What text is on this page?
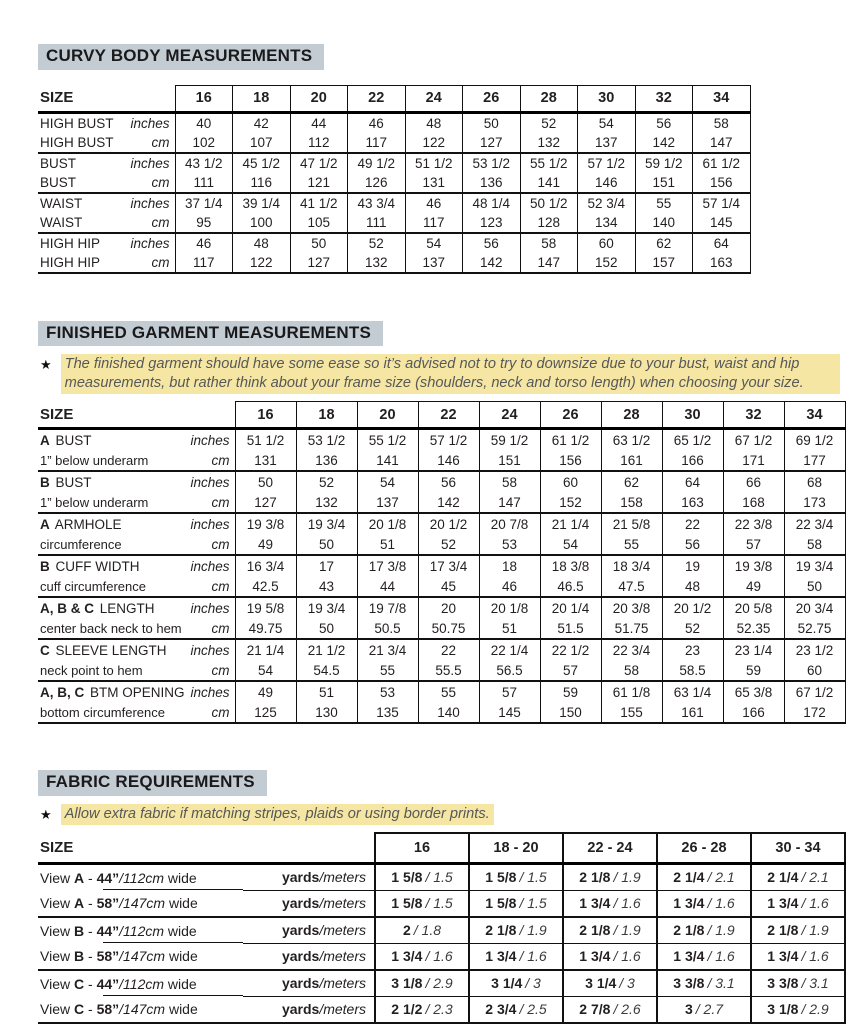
CURVY BODY MEASUREMENTS
SIZE	16	18	20	22	24	26	28	30	32	34

HIGH BUST inches	40	42	44	46	48	50	52	54	56	58

HIGH BUST cm	102	107	112	117	122	127	132	137	142	147

BUST inches	43 1/2	45 1/2	47 1/2	49 1/2	51 1/2	53 1/2	55 1/2	57 1/2	59 1/2	61 1/2

BUST cm	111	116	121	126	131	136	141	146	151	156

WAIST inches	37 1/4	39 1/4	41 1/2	43 3/4	46	48 1/4	50 1/2	52 3/4	55	57 1/4

WAIST cm	95	100	105	111	117	123	128	134	140	145

HIGH HIP inches	46	48	50	52	54	56	58	60	62	64

HIGH HIP cm	117	122	127	132	137	142	147	152	157	163
FINISHED GARMENT MEASUREMENTS
★ The finished garment should have some ease so it’s advised not to try to downsize due to your bust, waist and hip measurements, but rather think about your frame size (shoulders, neck and torso length) when choosing your size.
SIZE	16	18	20	22	24	26	28	30	32	34

A BUST inches	51 1/2	53 1/2	55 1/2	57 1/2	59 1/2	61 1/2	63 1/2	65 1/2	67 1/2	69 1/2

1” below underarm cm	131	136	141	146	151	156	161	166	171	177

B BUST inches	50	52	54	56	58	60	62	64	66	68

1” below underarm cm	127	132	137	142	147	152	158	163	168	173

A ARMHOLE inches	19 3/8	19 3/4	20 1/8	20 1/2	20 7/8	21 1/4	21 5/8	22	22 3/8	22 3/4

circumference cm	49	50	51	52	53	54	55	56	57	58

B CUFF WIDTH inches	16 3/4	17	17 3/8	17 3/4	18	18 3/8	18 3/4	19	19 3/8	19 3/4

cuff circumference cm	42.5	43	44	45	46	46.5	47.5	48	49	50

A, B & C LENGTH inches	19 5/8	19 3/4	19 7/8	20	20 1/8	20 1/4	20 3/8	20 1/2	20 5/8	20 3/4

center back neck to hem cm	49.75	50	50.5	50.75	51	51.5	51.75	52	52.35	52.75

C SLEEVE LENGTH inches	21 1/4	21 1/2	21 3/4	22	22 1/4	22 1/2	22 3/4	23	23 1/4	23 1/2

neck point to hem cm	54	54.5	55	55.5	56.5	57	58	58.5	59	60

A, B, C BTM OPENING inches	49	51	53	55	57	59	61 1/8	63 1/4	65 3/8	67 1/2

bottom circumference cm	125	130	135	140	145	150	155	161	166	172
FABRIC REQUIREMENTS
★ Allow extra fabric if matching stripes, plaids or using border prints.
SIZE		16	18 - 20	22 - 24	26 - 28	30 - 34
View A - 44”/112cm wide	yards/meters	1 5/8 / 1.5	1 5/8 / 1.5	2 1/8 / 1.9	2 1/4 / 2.1	2 1/4 / 2.1
View A - 58”/147cm wide	yards/meters	1 5/8 / 1.5	1 5/8 / 1.5	1 3/4 / 1.6	1 3/4 / 1.6	1 3/4 / 1.6
View B - 44”/112cm wide	yards/meters	2 / 1.8	2 1/8 / 1.9	2 1/8 / 1.9	2 1/8 / 1.9	2 1/8 / 1.9
View B - 58”/147cm wide	yards/meters	1 3/4 / 1.6	1 3/4 / 1.6	1 3/4 / 1.6	1 3/4 / 1.6	1 3/4 / 1.6
View C - 44”/112cm wide	yards/meters	3 1/8 / 2.9	3 1/4 / 3	3 1/4 / 3	3 3/8 / 3.1	3 3/8 / 3.1
View C - 58”/147cm wide	yards/meters	2 1/2 / 2.3	2 3/4 / 2.5	2 7/8 / 2.6	3 / 2.7	3 1/8 / 2.9
